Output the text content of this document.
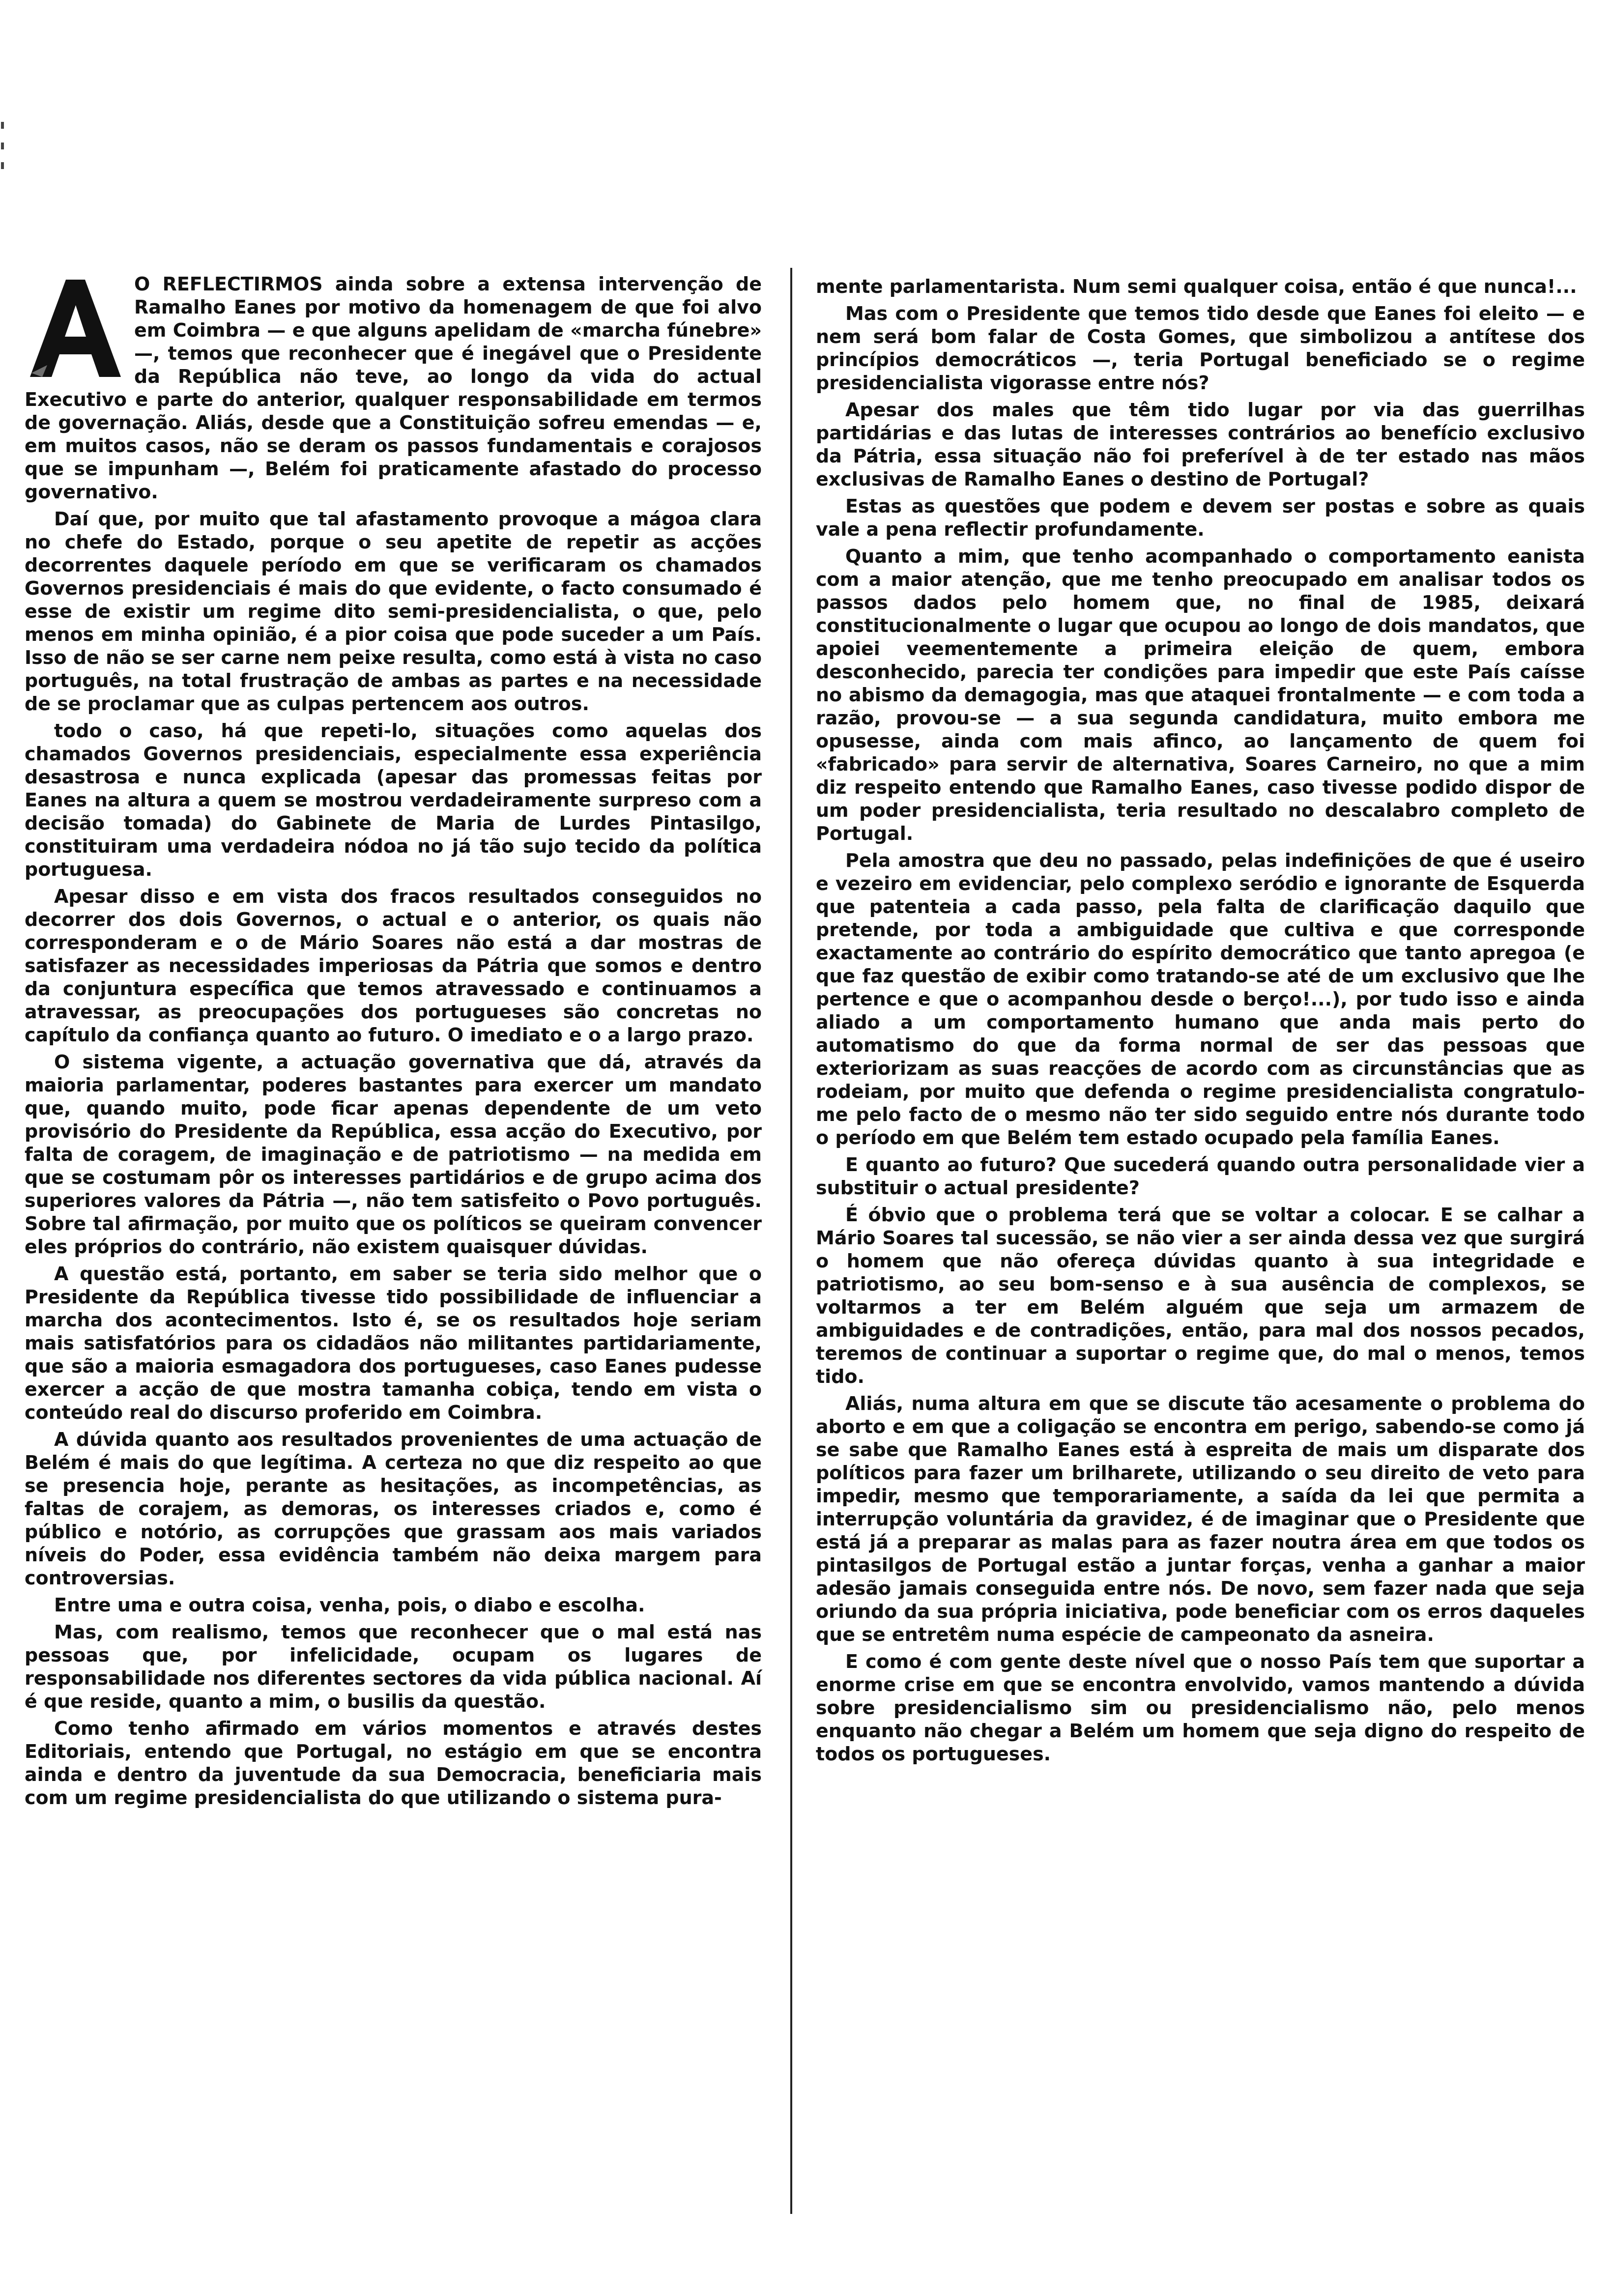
O REFLECTIRMOS ainda sobre a extensa intervenção de Ramalho Eanes por motivo da homenagem de que foi alvo em Coimbra — e que alguns apelidam de «marcha fúnebre» —, temos que reconhecer que é inegável que o Presidente da República não teve, ao longo da vida do actual Executivo e parte do anterior, qualquer responsabilidade em termos de governação. Aliás, desde que a Constituição sofreu emendas — e, em muitos casos, não se deram os passos fundamentais e corajosos que se impunham —, Belém foi praticamente afastado do processo governativo.

Daí que, por muito que tal afastamento provoque a mágoa clara no chefe do Estado, porque o seu apetite de repetir as acções decorrentes daquele período em que se verificaram os chamados Governos presidenciais é mais do que evidente, o facto consumado é esse de existir um regime dito semi-presidencialista, o que, pelo menos em minha opinião, é a pior coisa que pode suceder a um País. Isso de não se ser carne nem peixe resulta, como está à vista no caso português, na total frustração de ambas as partes e na necessidade de se proclamar que as culpas pertencem aos outros.

todo o caso, há que repeti-lo, situações como aquelas dos chamados Governos presidenciais, especialmente essa experiência desastrosa e nunca explicada (apesar das promessas feitas por Eanes na altura a quem se mostrou verdadeiramente surpreso com a decisão tomada) do Gabinete de Maria de Lurdes Pintasilgo, constituiram uma verdadeira nódoa no já tão sujo tecido da política portuguesa.

Apesar disso e em vista dos fracos resultados conseguidos no decorrer dos dois Governos, o actual e o anterior, os quais não corresponderam e o de Mário Soares não está a dar mostras de satisfazer as necessidades imperiosas da Pátria que somos e dentro da conjuntura específica que temos atravessado e continuamos a atravessar, as preocupações dos portugueses são concretas no capítulo da confiança quanto ao futuro. O imediato e o a largo prazo.

O sistema vigente, a actuação governativa que dá, através da maioria parlamentar, poderes bastantes para exercer um mandato que, quando muito, pode ficar apenas dependente de um veto provisório do Presidente da República, essa acção do Executivo, por falta de coragem, de imaginação e de patriotismo — na medida em que se costumam pôr os interesses partidários e de grupo acima dos superiores valores da Pátria —, não tem satisfeito o Povo português. Sobre tal afirmação, por muito que os políticos se queiram convencer eles próprios do contrário, não existem quaisquer dúvidas.

A questão está, portanto, em saber se teria sido melhor que o Presidente da República tivesse tido possibilidade de influenciar a marcha dos acontecimentos. Isto é, se os resultados hoje seriam mais satisfatórios para os cidadãos não militantes partidariamente, que são a maioria esmagadora dos portugueses, caso Eanes pudesse exercer a acção de que mostra tamanha cobiça, tendo em vista o conteúdo real do discurso proferido em Coimbra.

A dúvida quanto aos resultados provenientes de uma actuação de Belém é mais do que legítima. A certeza no que diz respeito ao que se presencia hoje, perante as hesitações, as incompetências, as faltas de corajem, as demoras, os interesses criados e, como é público e notório, as corrupções que grassam aos mais variados níveis do Poder, essa evidência também não deixa margem para controversias.

Entre uma e outra coisa, venha, pois, o diabo e escolha.

Mas, com realismo, temos que reconhecer que o mal está nas pessoas que, por infelicidade, ocupam os lugares de responsabilidade nos diferentes sectores da vida pública nacional. Aí é que reside, quanto a mim, o busilis da questão.

Como tenho afirmado em vários momentos e através destes Editoriais, entendo que Portugal, no estágio em que se encontra ainda e dentro da juventude da sua Democracia, beneficiaria mais com um regime presidencialista do que utilizando o sistema pura-

mente parlamentarista. Num semi qualquer coisa, então é que nunca!...

Mas com o Presidente que temos tido desde que Eanes foi eleito — e nem será bom falar de Costa Gomes, que simbolizou a antítese dos princípios democráticos —, teria Portugal beneficiado se o regime presidencialista vigorasse entre nós?

Apesar dos males que têm tido lugar por via das guerrilhas partidárias e das lutas de interesses contrários ao benefício exclusivo da Pátria, essa situação não foi preferível à de ter estado nas mãos exclusivas de Ramalho Eanes o destino de Portugal?

Estas as questões que podem e devem ser postas e sobre as quais vale a pena reflectir profundamente.

Quanto a mim, que tenho acompanhado o comportamento eanista com a maior atenção, que me tenho preocupado em analisar todos os passos dados pelo homem que, no final de 1985, deixará constitucionalmente o lugar que ocupou ao longo de dois mandatos, que apoiei veementemente a primeira eleição de quem, embora desconhecido, parecia ter condições para impedir que este País caísse no abismo da demagogia, mas que ataquei frontalmente — e com toda a razão, provou-se — a sua segunda candidatura, muito embora me opusesse, ainda com mais afinco, ao lançamento de quem foi «fabricado» para servir de alternativa, Soares Carneiro, no que a mim diz respeito entendo que Ramalho Eanes, caso tivesse podido dispor de um poder presidencialista, teria resultado no descalabro completo de Portugal.

Pela amostra que deu no passado, pelas indefinições de que é useiro e vezeiro em evidenciar, pelo complexo seródio e ignorante de Esquerda que patenteia a cada passo, pela falta de clarificação daquilo que pretende, por toda a ambiguidade que cultiva e que corresponde exactamente ao contrário do espírito democrático que tanto apregoa (e que faz questão de exibir como tratando-se até de um exclusivo que lhe pertence e que o acompanhou desde o berço!...), por tudo isso e ainda aliado a um comportamento humano que anda mais perto do automatismo do que da forma normal de ser das pessoas que exteriorizam as suas reacções de acordo com as circunstâncias que as rodeiam, por muito que defenda o regime presidencialista congratulo-me pelo facto de o mesmo não ter sido seguido entre nós durante todo o período em que Belém tem estado ocupado pela família Eanes.

E quanto ao futuro? Que sucederá quando outra personalidade vier a substituir o actual presidente?

É óbvio que o problema terá que se voltar a colocar. E se calhar a Mário Soares tal sucessão, se não vier a ser ainda dessa vez que surgirá o homem que não ofereça dúvidas quanto à sua integridade e patriotismo, ao seu bom-senso e à sua ausência de complexos, se voltarmos a ter em Belém alguém que seja um armazem de ambiguidades e de contradições, então, para mal dos nossos pecados, teremos de continuar a suportar o regime que, do mal o menos, temos tido.

Aliás, numa altura em que se discute tão acesamente o problema do aborto e em que a coligação se encontra em perigo, sabendo-se como já se sabe que Ramalho Eanes está à espreita de mais um disparate dos políticos para fazer um brilharete, utilizando o seu direito de veto para impedir, mesmo que temporariamente, a saída da lei que permita a interrupção voluntária da gravidez, é de imaginar que o Presidente que está já a preparar as malas para as fazer noutra área em que todos os pintasilgos de Portugal estão a juntar forças, venha a ganhar a maior adesão jamais conseguida entre nós. De novo, sem fazer nada que seja oriundo da sua própria iniciativa, pode beneficiar com os erros daqueles que se entretêm numa espécie de campeonato da asneira.

E como é com gente deste nível que o nosso País tem que suportar a enorme crise em que se encontra envolvido, vamos mantendo a dúvida sobre presidencialismo sim ou presidencialismo não, pelo menos enquanto não chegar a Belém um homem que seja digno do respeito de todos os portugueses.
